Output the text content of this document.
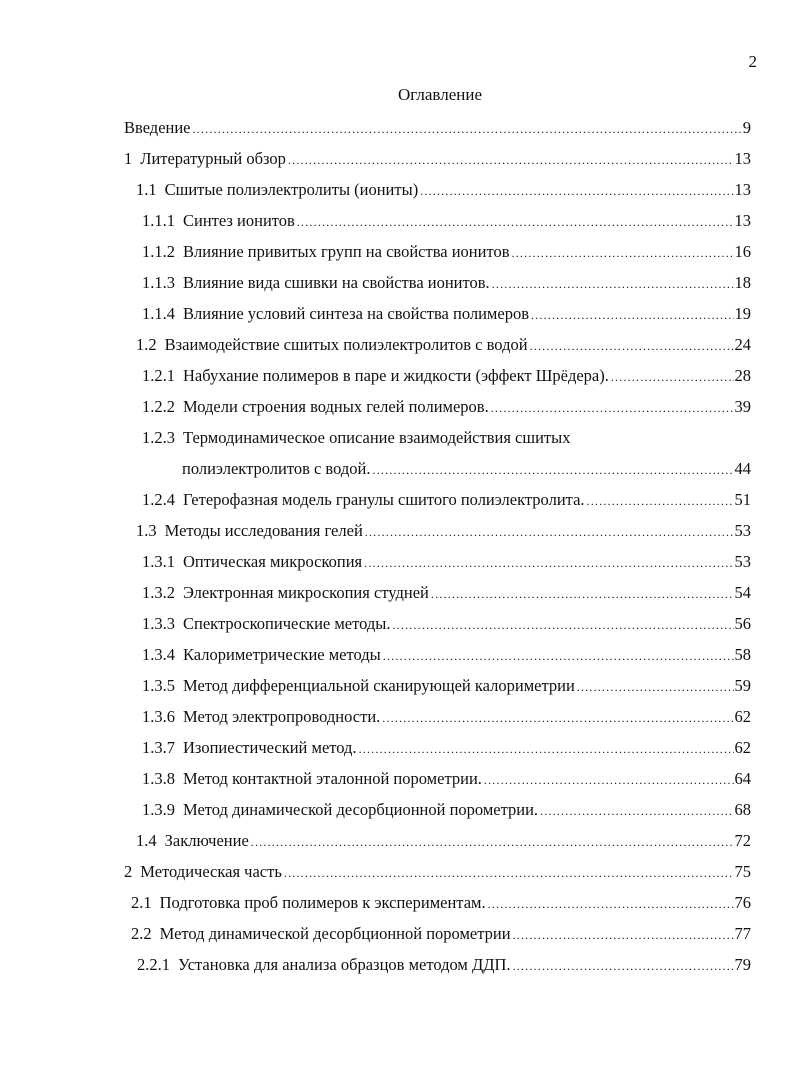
2
Оглавление
Введение .....	9
1 Литературный обзор .....	13
1.1 Сшитые полиэлектролиты (иониты) .....	13
1.1.1 Синтез ионитов .....	13
1.1.2 Влияние привитых групп на свойства ионитов .....	16
1.1.3 Влияние вида сшивки на свойства ионитов. .....	18
1.1.4 Влияние условий синтеза на свойства полимеров .....	19
1.2 Взаимодействие сшитых полиэлектролитов с водой .....	24
1.2.1 Набухание полимеров в паре и жидкости (эффект Шрёдера). .....	28
1.2.2 Модели строения водных гелей полимеров. .....	39
1.2.3 Термодинамическое описание взаимодействия сшитых
полиэлектролитов с водой. .....	44
1.2.4 Гетерофазная модель гранулы сшитого полиэлектролита. .....	51
1.3 Методы исследования гелей .....	53
1.3.1 Оптическая микроскопия .....	53
1.3.2 Электронная микроскопия студней .....	54
1.3.3 Спектроскопические методы. .....	56
1.3.4 Калориметрические методы .....	58
1.3.5 Метод дифференциальной сканирующей калориметрии .....	59
1.3.6 Метод электропроводности. .....	62
1.3.7 Изопиестический метод. .....	62
1.3.8 Метод контактной эталонной порометрии. .....	64
1.3.9 Метод динамической десорбционной порометрии. .....	68
1.4 Заключение .....	72
2 Методическая часть .....	75
2.1 Подготовка проб полимеров к экспериментам. .....	76
2.2 Метод динамической десорбционной порометрии .....	77
2.2.1 Установка для анализа образцов методом ДДП. .....	79
